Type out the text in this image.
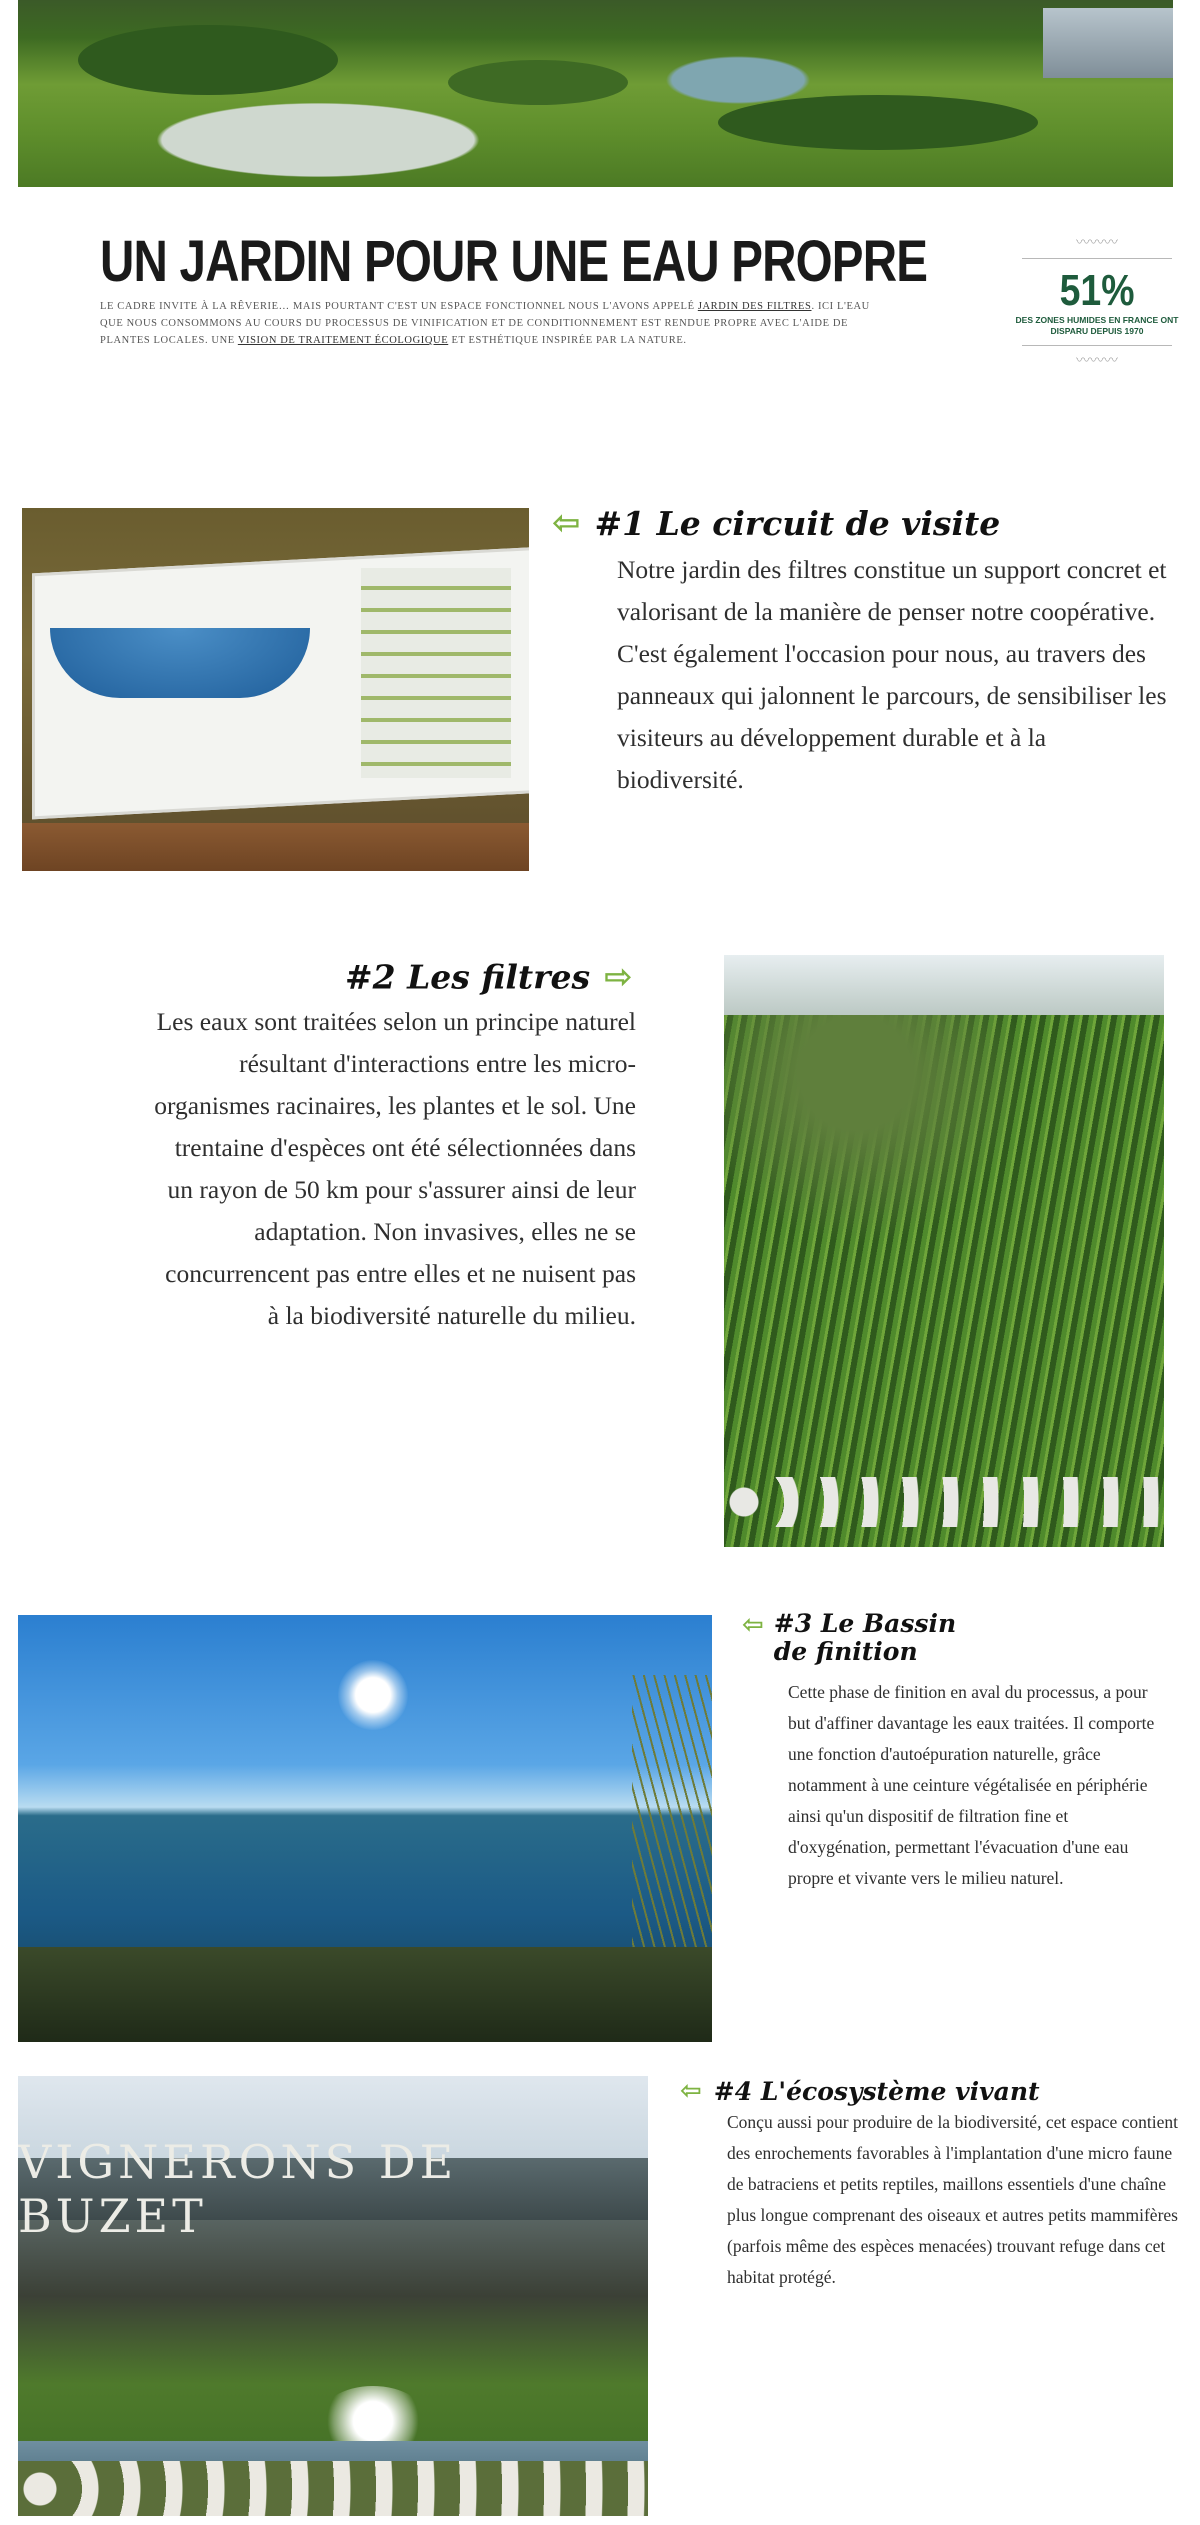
UN JARDIN POUR UNE EAU PROPRE
LE CADRE INVITE À LA RÊVERIE… MAIS POURTANT C'EST UN ESPACE FONCTIONNEL NOUS L'AVONS APPELÉ JARDIN DES FILTRES. ICI L'EAU QUE NOUS CONSOMMONS AU COURS DU PROCESSUS DE VINIFICATION ET DE CONDITIONNEMENT EST RENDUE PROPRE AVEC L'AIDE DE PLANTES LOCALES. UNE VISION DE TRAITEMENT ÉCOLOGIQUE ET ESTHÉTIQUE INSPIRÉE PAR LA NATURE.
〰〰〰
51%
DES ZONES HUMIDES EN FRANCE ONT DISPARU DEPUIS 1970
〰〰〰
⇦ #1 Le circuit de visite
Notre jardin des filtres constitue un support concret et valorisant de la manière de penser notre coopérative. C'est également l'occasion pour nous, au travers des panneaux qui jalonnent le parcours, de sensibiliser les visiteurs au développement durable et à la biodiversité.
#2 Les filtres ⇨
Les eaux sont traitées selon un principe naturel résultant d'interactions entre les micro-organismes racinaires, les plantes et le sol. Une trentaine d'espèces ont été sélectionnées dans un rayon de 50 km pour s'assurer ainsi de leur adaptation. Non invasives, elles ne se concurrencent pas entre elles et ne nuisent pas à la biodiversité naturelle du milieu.
⇦ #3 Le Bassin
de finition
Cette phase de finition en aval du processus, a pour but d'affiner davantage les eaux traitées. Il comporte une fonction d'autoépuration naturelle, grâce notamment à une ceinture végétalisée en périphérie ainsi qu'un dispositif de filtration fine et d'oxygénation, permettant l'évacuation d'une eau propre et vivante vers le milieu naturel.
VIGNERONS DE BUZET
⇦ #4 L'écosystème vivant
Conçu aussi pour produire de la biodiversité, cet espace contient des enrochements favorables à l'implantation d'une micro faune de batraciens et petits reptiles, maillons essentiels d'une chaîne plus longue comprenant des oiseaux et autres petits mammifères (parfois même des espèces menacées) trouvant refuge dans cet habitat protégé.
